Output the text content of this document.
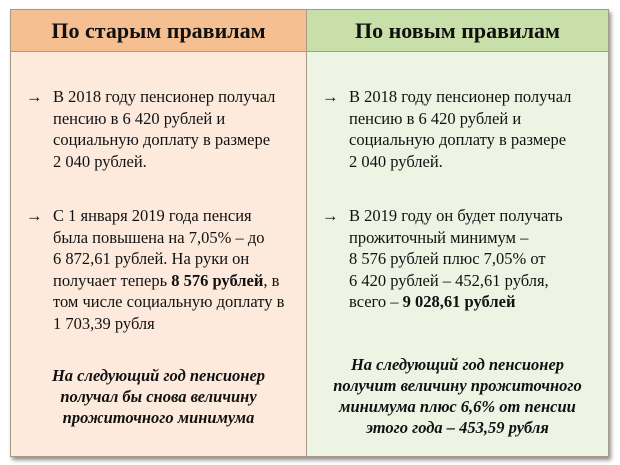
По старым правилам	По новым правилам
→ В 2018 году пенсионер получал
пенсию в 6 420 рублей и
социальную доплату в размере
2 040 рублей.
→ С 1 января 2019 года пенсия
была повышена на 7,05% – до
6 872,61 рублей. На руки он
получает теперь 8 576 рублей, в
том числе социальную доплату в
1 703,39 рубля
На следующий год пенсионер
получал бы снова величину
прожиточного минимума
→ В 2018 году пенсионер получал
пенсию в 6 420 рублей и
социальную доплату в размере
2 040 рублей.
→ В 2019 году он будет получать
прожиточный минимум –
8 576 рублей плюс 7,05% от
6 420 рублей – 452,61 рубля,
всего – 9 028,61 рублей
На следующий год пенсионер
получит величину прожиточного
минимума плюс 6,6% от пенсии
этого года – 453,59 рубля
